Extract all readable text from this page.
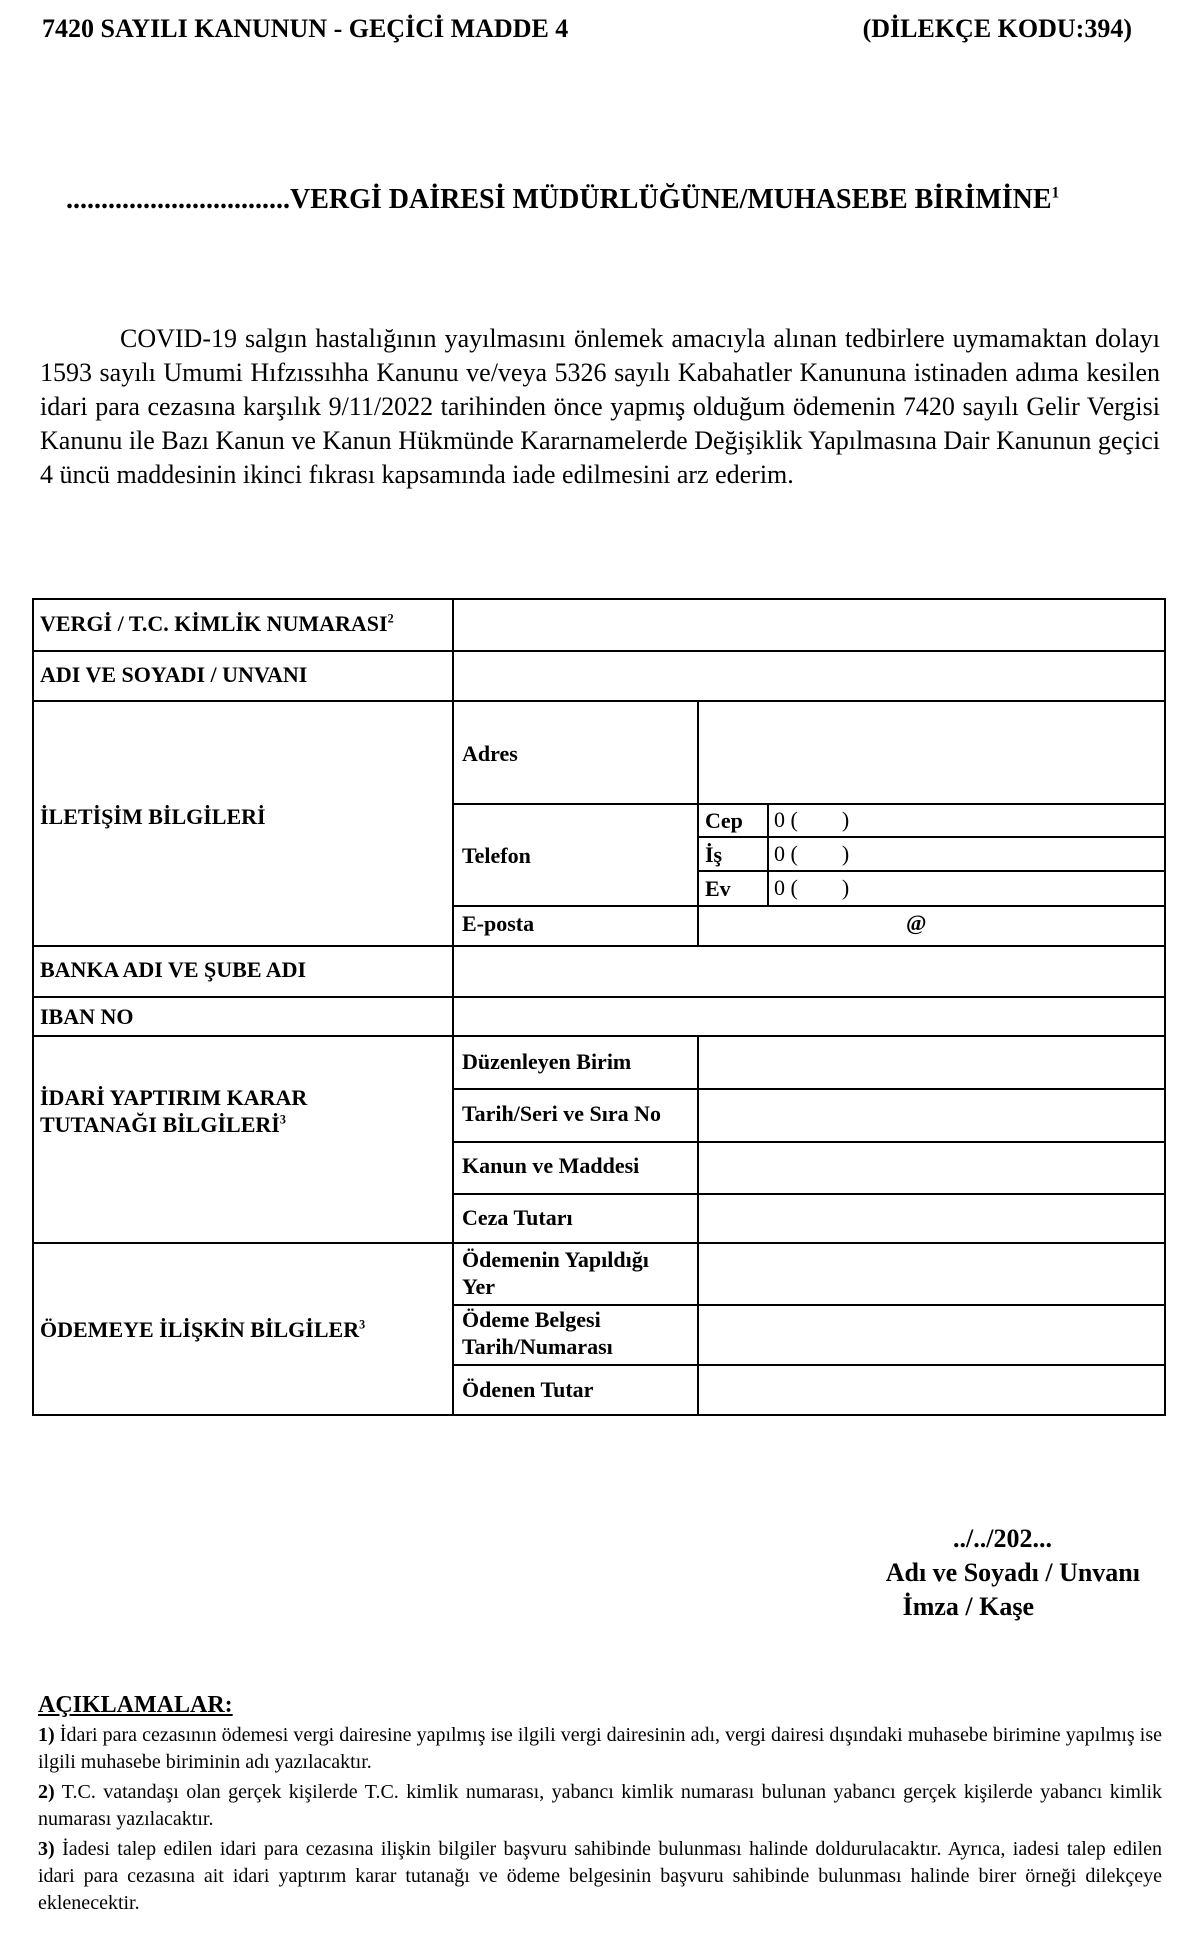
7420 SAYILI KANUNUN - GEÇİCİ MADDE 4	(DİLEKÇE KODU:394)
................................VERGİ DAİRESİ MÜDÜRLÜĞÜNE/MUHASEBE BİRİMİNE$^1$
COVID-19 salgın hastalığının yayılmasını önlemek amacıyla alınan tedbirlere uymamaktan dolayı 1593 sayılı Umumi Hıfzıssıhha Kanunu ve/veya 5326 sayılı Kabahatler Kanununa istinaden adıma kesilen idari para cezasına karşılık 9/11/2022 tarihinden önce yapmış olduğum ödemenin 7420 sayılı Gelir Vergisi Kanunu ile Bazı Kanun ve Kanun Hükmünde Kararnamelerde Değişiklik Yapılmasına Dair Kanunun geçici 4 üncü maddesinin ikinci fıkrası kapsamında iade edilmesini arz ederim.
VERGİ / T.C. KİMLİK NUMARASI$^2$
ADI VE SOYADI / UNVANI
İLETİŞİM BİLGİLERİ
Adres
Telefon
Cep 0 (        )
İş 0 (        )
Ev 0 (        )
E-posta	@
BANKA ADI VE ŞUBE ADI
IBAN NO
İDARİ YAPTIRIM KARAR
TUTANAĞI BİLGİLERİ$^3$
Düzenleyen Birim
Tarih/Seri ve Sıra No
Kanun ve Maddesi
Ceza Tutarı
ÖDEMEYE İLİŞKİN BİLGİLER$^3$
Ödemenin Yapıldığı
Yer
Ödeme Belgesi
Tarih/Numarası
Ödenen Tutar
../../202...
Adı ve Soyadı / Unvanı
İmza / Kaşe
AÇIKLAMALAR:

1) İdari para cezasının ödemesi vergi dairesine yapılmış ise ilgili vergi dairesinin adı, vergi dairesi dışındaki muhasebe birimine yapılmış ise ilgili muhasebe biriminin adı yazılacaktır.

2) T.C. vatandaşı olan gerçek kişilerde T.C. kimlik numarası, yabancı kimlik numarası bulunan yabancı gerçek kişilerde yabancı kimlik numarası yazılacaktır.

3) İadesi talep edilen idari para cezasına ilişkin bilgiler başvuru sahibinde bulunması halinde doldurulacaktır. Ayrıca, iadesi talep edilen idari para cezasına ait idari yaptırım karar tutanağı ve ödeme belgesinin başvuru sahibinde bulunması halinde birer örneği dilekçeye eklenecektir.
